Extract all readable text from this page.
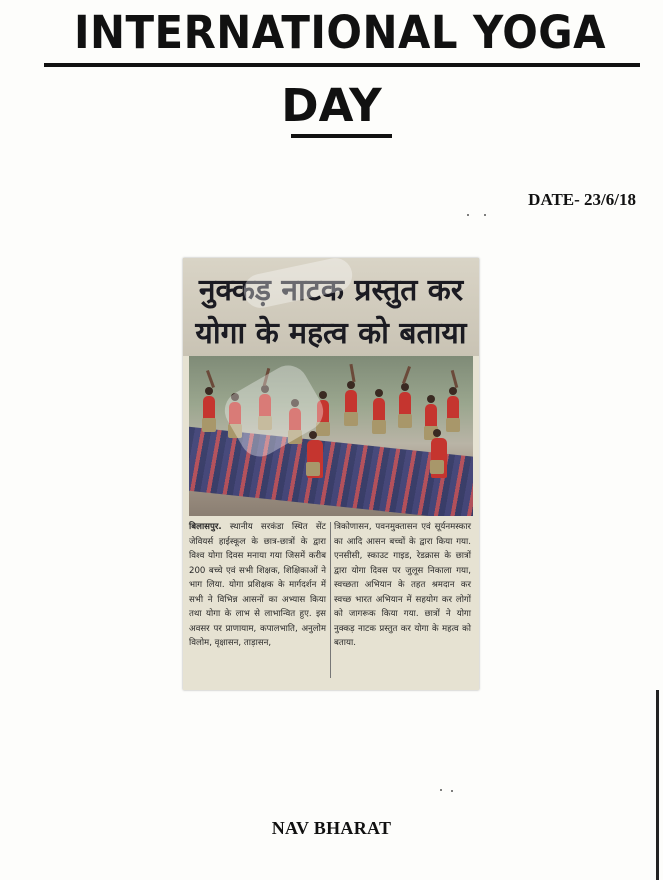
INTERNATIONAL YOGA
DAY
DATE- 23/6/18
नुक्कड़ नाटक प्रस्तुत कर
योगा के महत्व को बताया
बिलासपुर. स्थानीय सरकंडा स्थित सेंट जेवियर्स हाईस्कूल के छात्र-छात्रों के द्वारा विश्व योगा दिवस मनाया गया जिसमें करीब 200 बच्चे एवं सभी शिक्षक, शिक्षिकाओं ने भाग लिया. योगा प्रशिक्षक के मार्गदर्शन में सभी ने विभिन्न आसनों का अभ्यास किया तथा योगा के लाभ से लाभान्वित हुए. इस अवसर पर प्राणायाम, कपालभाति, अनुलोम विलोम, वृक्षासन, ताड़ासन,
त्रिकोणासन, पवनमुक्तासन एवं सूर्यनमस्कार का आदि आसन बच्चों के द्वारा किया गया. एनसीसी, स्काउट गाइड, रेडक्रास के छात्रों द्वारा योगा दिवस पर जुलूस निकाला गया, स्वच्छता अभियान के तहत श्रमदान कर स्वच्छ भारत अभियान में सहयोग कर लोगों को जागरूक किया गया. छात्रों ने योगा नुक्कड़ नाटक प्रस्तुत कर योगा के महत्व को बताया.
NAV BHARAT
